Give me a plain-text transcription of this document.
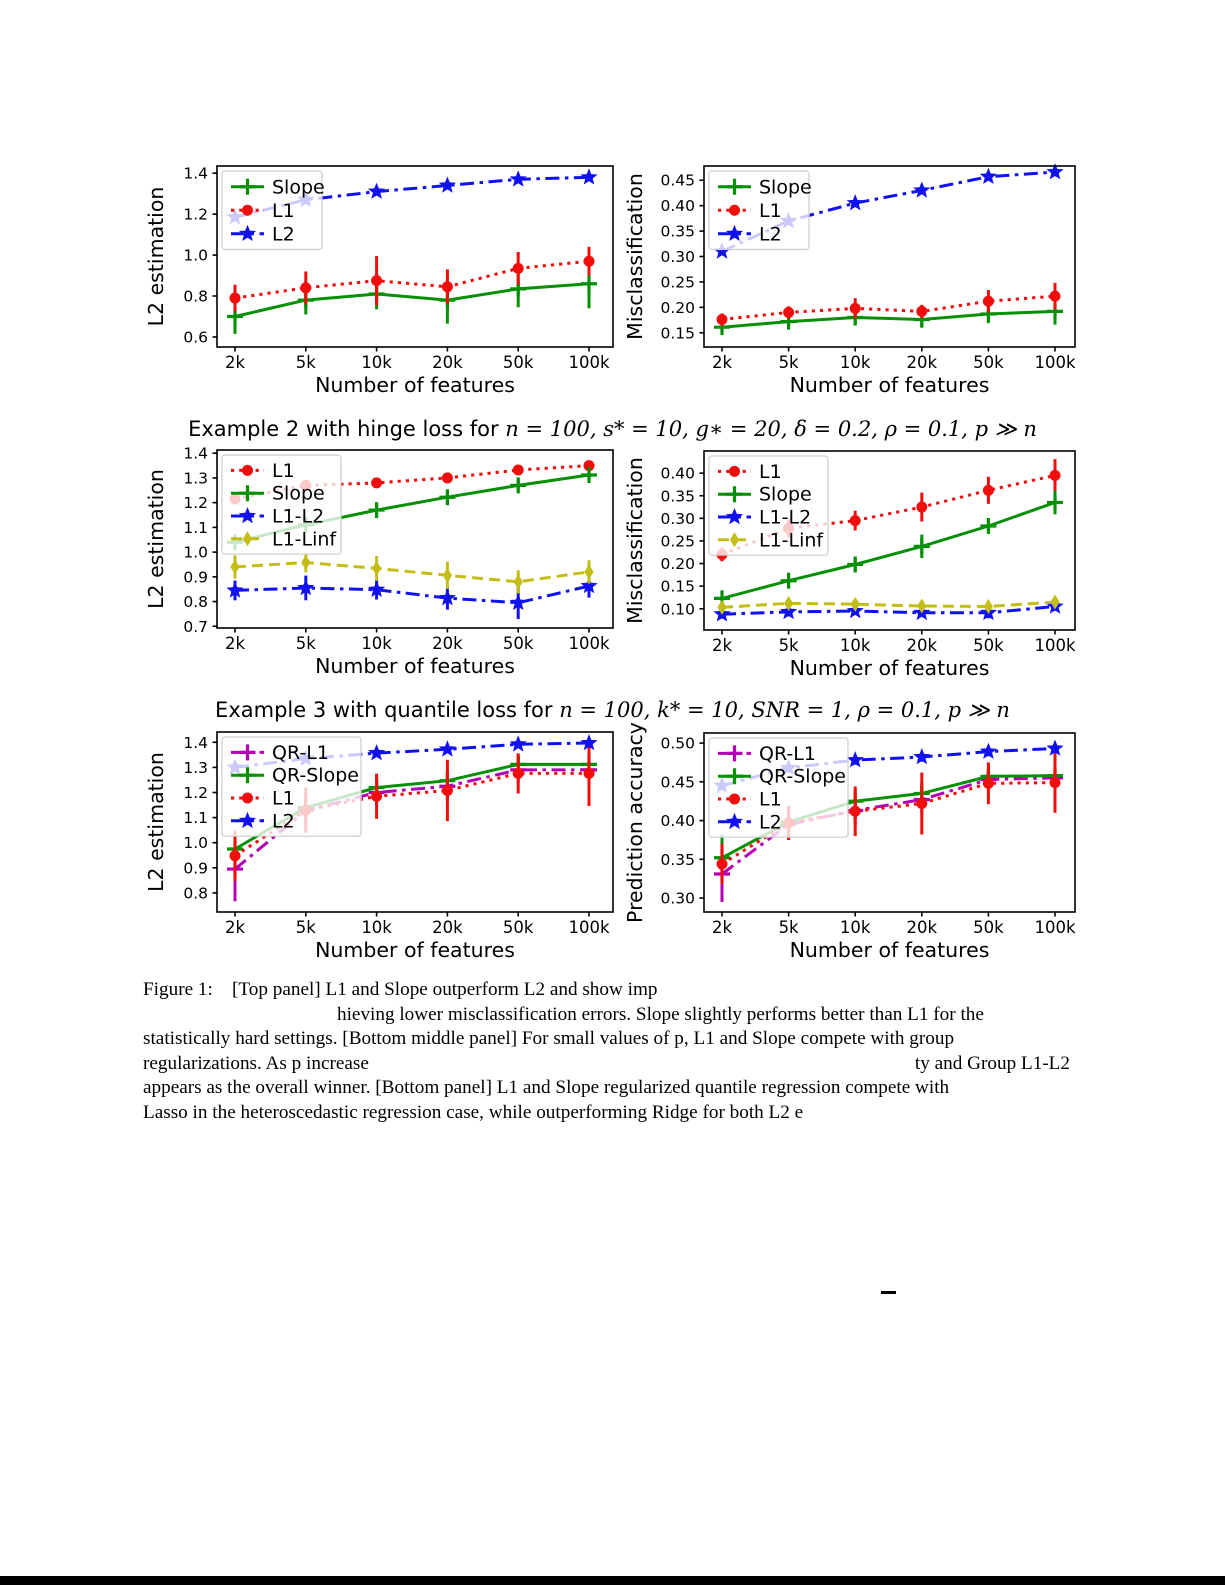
0.6
0.8
1.0
1.2
1.4
2k	5k	10k 20k 50k 100k
Number of features
L2 estimation	Slope
L1
L2
0.15
0.20
0.25
0.30
0.35
0.40
0.45
2k	5k	10k 20k 50k 100k
Number of features
Misclassification	Slope
L1
L2
0.7
0.8
0.9
1.0
1.1
1.2
1.3
1.4
2k	5k	10k 20k 50k 100k
Number of features
L2 estimation	L1
Slope
L1-L2
L1-Linf
0.10
0.15
0.20
0.25
0.30
0.35
0.40
2k	5k	10k 20k 50k 100k
Number of features
Misclassification	L1
Slope
L1-L2
L1-Linf
0.8
0.9
1.0
1.1
1.2
1.3
1.4
2k	5k	10k 20k 50k 100k
Number of features
L2 estimation	QR-L1
QR-Slope
L1
L2
0.30
0.35
0.40
0.45
0.50
2k	5k	10k 20k 50k 100k
Number of features
Prediction accuracy	QR-L1
QR-Slope
L1
L2
Example 2 with hinge loss for n = 100, s* = 10, g∗ = 20, δ = 0.2, ρ = 0.1, p ≫ n
Example 3 with quantile loss for n = 100, k* = 10, SNR = 1, ρ = 0.1, p ≫ n
Figure 1:    [Top panel] L1 and Slope outperform L2 and show imp
hieving lower misclassification errors. Slope slightly performs better than L1 for the
statistically hard settings. [Bottom middle panel] For small values of p, L1 and Slope compete with group
regularizations. As p increase	ty and Group L1-L2
appears as the overall winner. [Bottom panel] L1 and Slope regularized quantile regression compete with
Lasso in the heteroscedastic regression case, while outperforming Ridge for both L2 e
